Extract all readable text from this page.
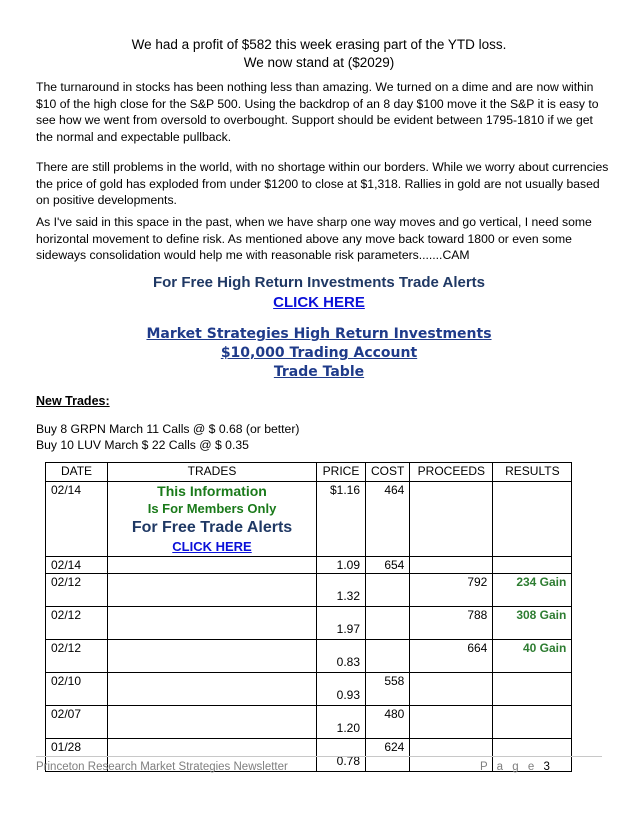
We had a profit of $582 this week erasing part of the YTD loss.
We now stand at ($2029)

The turnaround in stocks has been nothing less than amazing. We turned on a dime and are now within $10 of the high close for the S&P 500. Using the backdrop of an 8 day $100 move it the S&P it is easy to see how we went from oversold to overbought. Support should be evident between 1795-1810 if we get the normal and expectable pullback.

There are still problems in the world, with no shortage within our borders. While we worry about currencies the price of gold has exploded from under $1200 to close at $1,318. Rallies in gold are not usually based on positive developments.

As I've said in this space in the past, when we have sharp one way moves and go vertical, I need some horizontal movement to define risk. As mentioned above any move back toward 1800 or even some sideways consolidation would help me with reasonable risk parameters.......CAM

For Free High Return Investments Trade Alerts
CLICK HERE
Market Strategies High Return Investments
$10,000 Trading Account
Trade Table
New Trades:
Buy 8 GRPN March 11 Calls @ $ 0.68 (or better)
Buy 10 LUV March $ 22 Calls @ $ 0.35
DATE	TRADES	PRICE	COST	PROCEEDS	RESULTS
02/14	This Information
Is For Members Only
For Free Trade Alerts
CLICK HERE	$1.16	464		
02/14		1.09	654		
02/12		1.32		792	234 Gain
02/12		1.97		788	308 Gain
02/12		0.83		664	40 Gain
02/10		0.93	558		
02/07		1.20	480		
01/28		0.78	624		
Princeton Research Market Strategies Newsletter	P a g e 3
